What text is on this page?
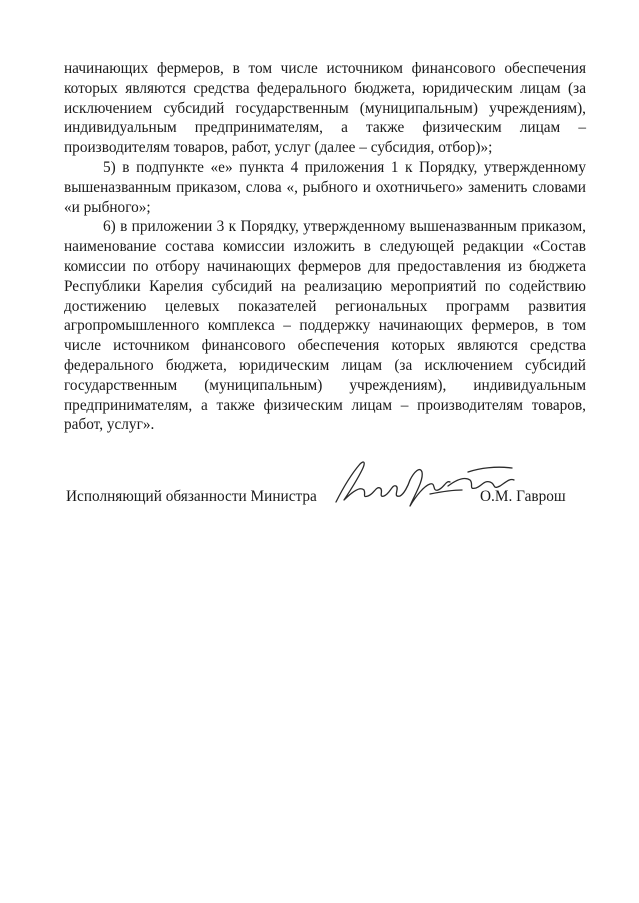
начинающих фермеров, в том числе источником финансового обеспечения которых являются средства федерального бюджета, юридическим лицам (за исключением субсидий государственным (муниципальным) учреждениям), индивидуальным предпринимателям, а также физическим лицам – производителям товаров, работ, услуг (далее – субсидия, отбор)»;

5) в подпункте «е» пункта 4 приложения 1 к Порядку, утвержденному вышеназванным приказом, слова «, рыбного и охотничьего» заменить словами «и рыбного»;

6) в приложении 3 к Порядку, утвержденному вышеназванным приказом, наименование состава комиссии изложить в следующей редакции «Состав комиссии по отбору начинающих фермеров для предоставления из бюджета Республики Карелия субсидий на реализацию мероприятий по содействию достижению целевых показателей региональных программ развития агропромышленного комплекса – поддержку начинающих фермеров, в том числе источником финансового обеспечения которых являются средства федерального бюджета, юридическим лицам (за исключением субсидий государственным (муниципальным) учреждениям), индивидуальным предпринимателям, а также физическим лицам – производителям товаров, работ, услуг».

Исполняющий обязанности Министра	О.М. Гаврош
